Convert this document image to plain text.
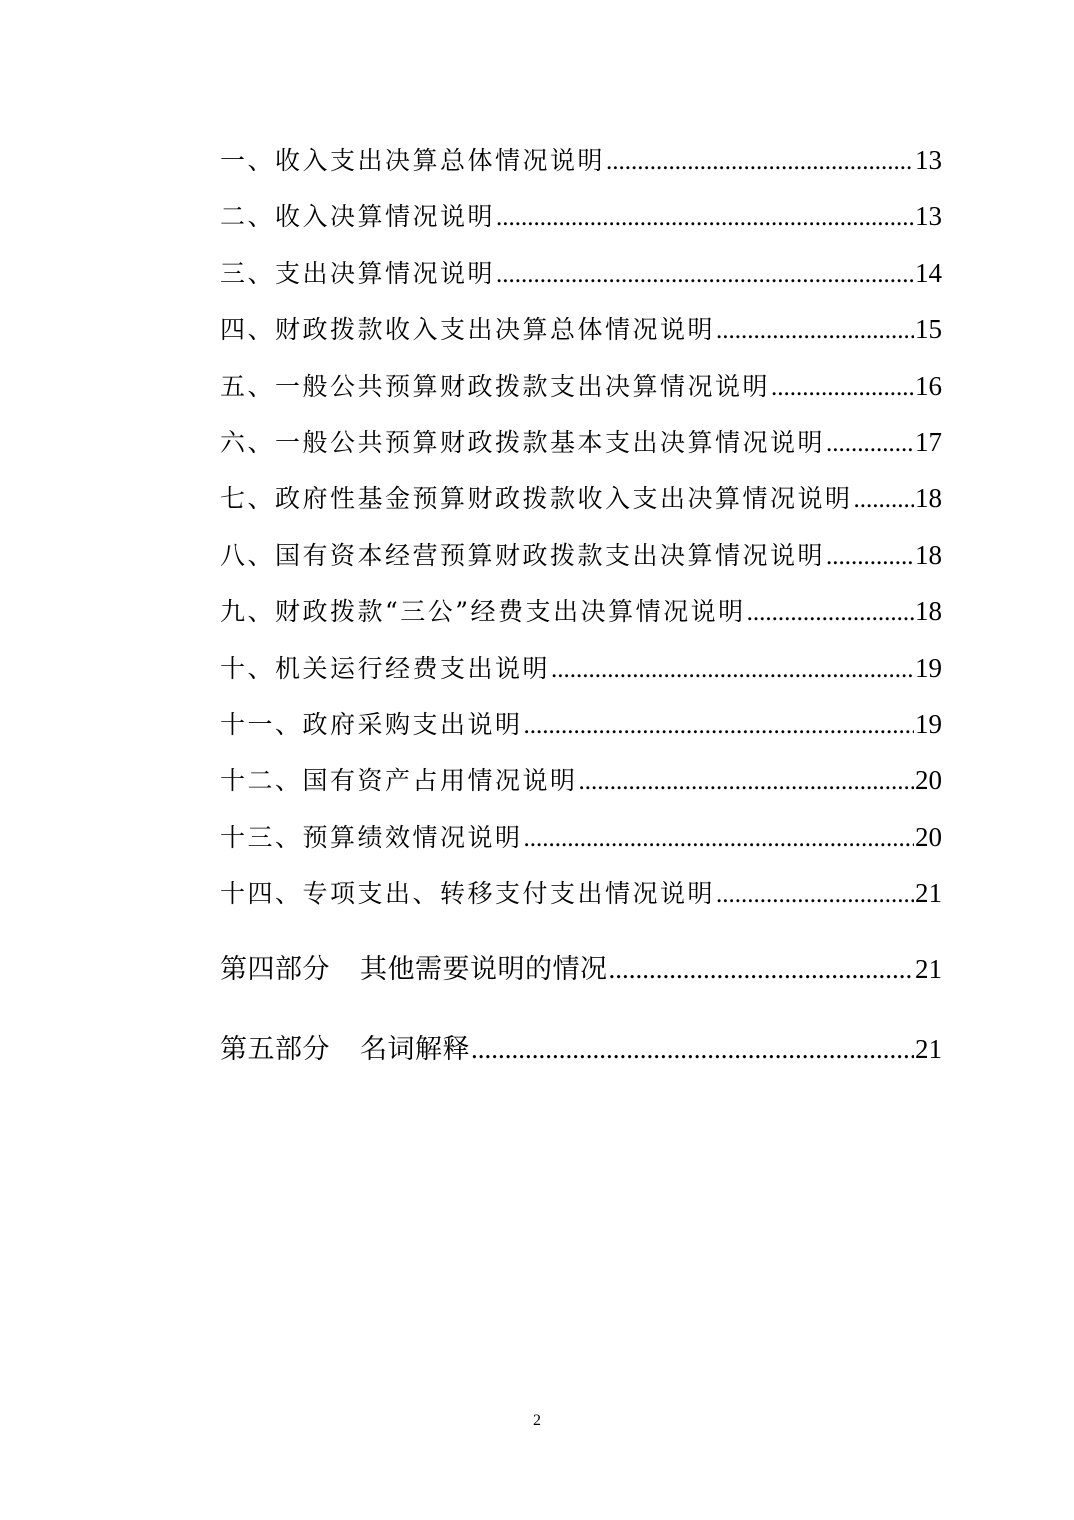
一、收入支出决算总体情况说明 .....	13
二、收入决算情况说明 .....	13
三、支出决算情况说明 .....	14
四、财政拨款收入支出决算总体情况说明 .....	15
五、一般公共预算财政拨款支出决算情况说明 .....	16
六、一般公共预算财政拨款基本支出决算情况说明 .....	17
七、政府性基金预算财政拨款收入支出决算情况说明 ..... 18
八、国有资本经营预算财政拨款支出决算情况说明 .....	18
九、财政拨款“三公”经费支出决算情况说明 .....	18
十、机关运行经费支出说明 .....	19
十一、政府采购支出说明 .....	19
十二、国有资产占用情况说明 .....	20
十三、预算绩效情况说明 .....	20
十四、专项支出、转移支付支出情况说明 .....	21
第四部分 其他需要说明的情况 .....	21
第五部分 名词解释 .....	21
2
